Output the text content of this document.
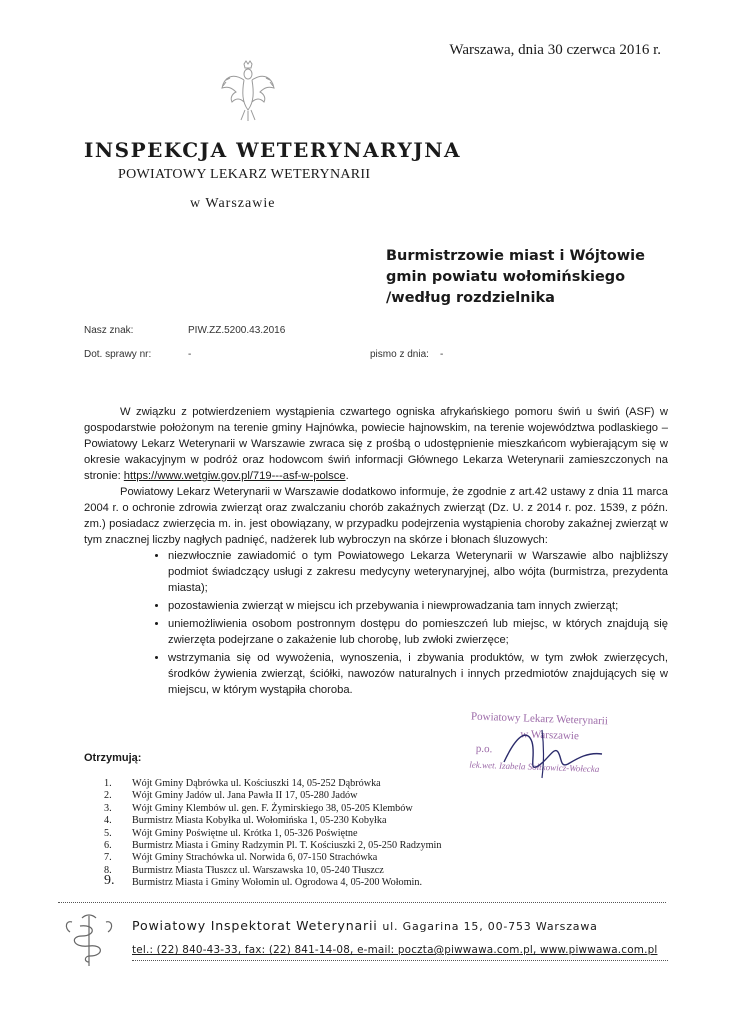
Warszawa, dnia 30 czerwca 2016 r.
INSPEKCJA WETERYNARYJNA
POWIATOWY LEKARZ WETERYNARII
w Warszawie
Burmistrzowie miast i Wójtowie
gmin powiatu wołomińskiego
/według rozdzielnika
Nasz znak:	PIW.ZZ.5200.43.2016
Dot. sprawy nr:	-	pismo z dnia: -

W związku z potwierdzeniem wystąpienia czwartego ogniska afrykańskiego pomoru świń u świń (ASF) w gospodarstwie położonym na terenie gminy Hajnówka, powiecie hajnowskim, na terenie województwa podlaskiego – Powiatowy Lekarz Weterynarii w Warszawie zwraca się z prośbą o udostępnienie mieszkańcom wybierającym się w okresie wakacyjnym w podróż oraz hodowcom świń informacji Głównego Lekarza Weterynarii zamieszczonych na stronie: https://www.wetgiw.gov.pl/719---asf-w-polsce.

Powiatowy Lekarz Weterynarii w Warszawie dodatkowo informuje, że zgodnie z art.42 ustawy z dnia 11 marca 2004 r. o ochronie zdrowia zwierząt oraz zwalczaniu chorób zakaźnych zwierząt (Dz. U. z 2014 r. poz. 1539, z późn. zm.) posiadacz zwierzęcia m. in. jest obowiązany, w przypadku podejrzenia wystąpienia choroby zakaźnej zwierząt w tym znacznej liczby nagłych padnięć, nadżerek lub wybroczyn na skórze i błonach śluzowych:

• niezwłocznie zawiadomić o tym Powiatowego Lekarza Weterynarii w Warszawie albo najbliższy podmiot świadczący usługi z zakresu medycyny weterynaryjnej, albo wójta (burmistrza, prezydenta miasta);
• pozostawienia zwierząt w miejscu ich przebywania i niewprowadzania tam innych zwierząt;
• uniemożliwienia osobom postronnym dostępu do pomieszczeń lub miejsc, w których znajdują się zwierzęta podejrzane o zakażenie lub chorobę, lub zwłoki zwierzęce;
• wstrzymania się od wywożenia, wynoszenia, i zbywania produktów, w tym zwłok zwierzęcych, środków żywienia zwierząt, ściółki, nawozów naturalnych i innych przedmiotów znajdujących się w miejscu, w którym wystąpiła choroba.
Powiatowy Lekarz Weterynarii
w Warszawie
p.o.
lek.wet. Izabela Sołtkowicz-Wołecka
Otrzymują:
1. Wójt Gminy Dąbrówka ul. Kościuszki 14, 05-252 Dąbrówka
2. Wójt Gminy Jadów ul. Jana Pawła II 17, 05-280 Jadów
3. Wójt Gminy Klembów ul. gen. F. Żymirskiego 38, 05-205 Klembów
4. Burmistrz Miasta Kobyłka ul. Wołomińska 1, 05-230 Kobyłka
5. Wójt Gminy Poświętne ul. Krótka 1, 05-326 Poświętne
6. Burmistrz Miasta i Gminy Radzymin Pl. T. Kościuszki 2, 05-250 Radzymin
7. Wójt Gminy Strachówka ul. Norwida 6, 07-150 Strachówka
8. Burmistrz Miasta Tłuszcz ul. Warszawska 10, 05-240 Tłuszcz
9. Burmistrz Miasta i Gminy Wołomin ul. Ogrodowa 4, 05-200 Wołomin.
Powiatowy Inspektorat Weterynarii ul. Gagarina 15, 00-753 Warszawa
tel.: (22) 840-43-33, fax: (22) 841-14-08, e-mail: poczta@piwwawa.com.pl, www.piwwawa.com.pl
